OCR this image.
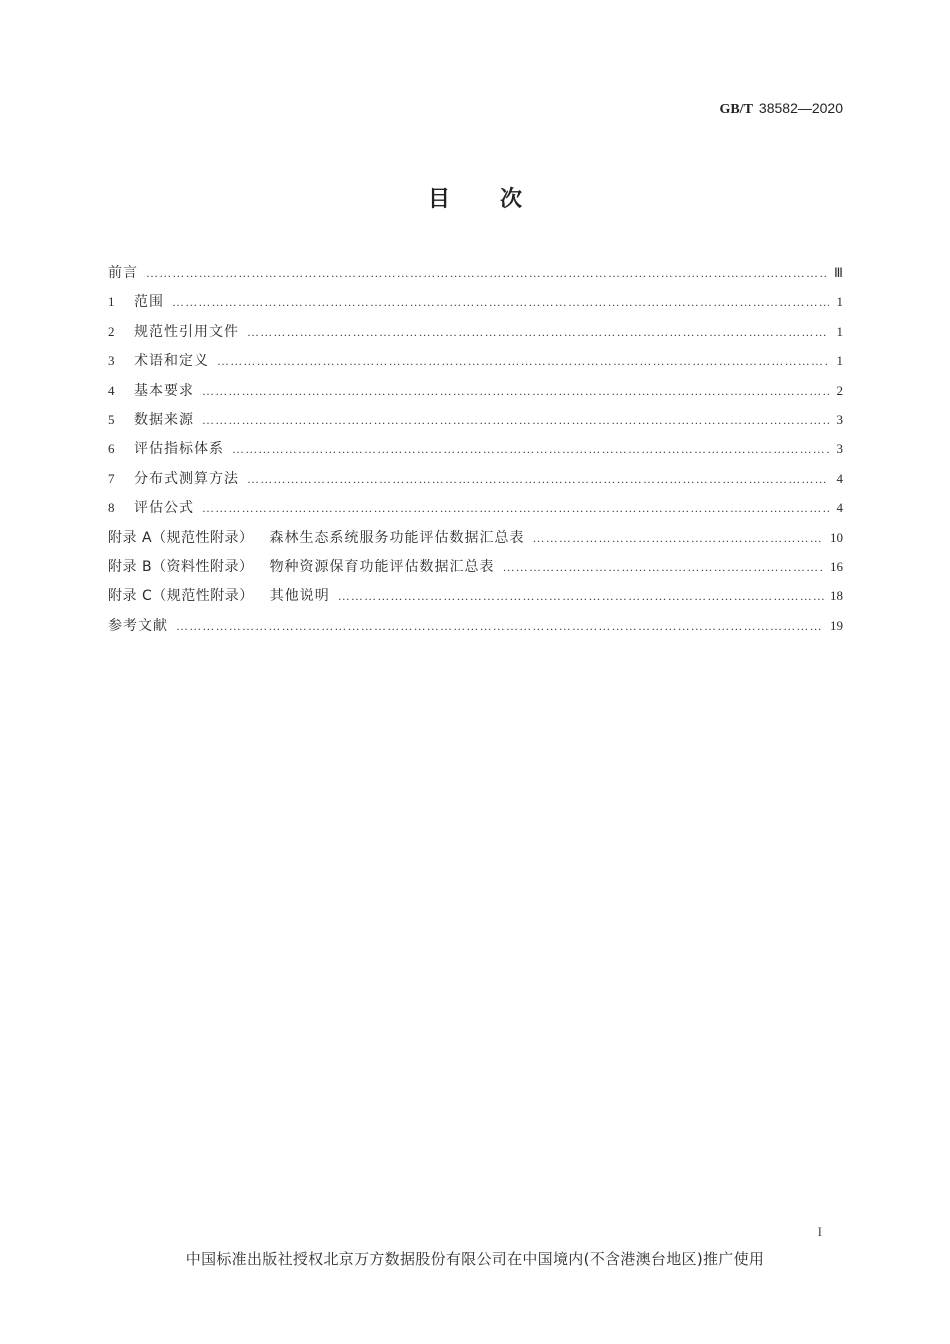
GB/T 38582—2020
目 次
前言 ………………………………………………………………………………………………………………………………………………………………………………	Ⅲ
1	范围 ………………………………………………………………………………………………………………………………………………………………………………	1
2	规范性引用文件 ………………………………………………………………………………………………………………………………………………………………………………	1
3	术语和定义 ………………………………………………………………………………………………………………………………………………………………………………	1
4	基本要求 ………………………………………………………………………………………………………………………………………………………………………………	2
5	数据来源 ………………………………………………………………………………………………………………………………………………………………………………	3
6	评估指标体系 ………………………………………………………………………………………………………………………………………………………………………………	3
7	分布式测算方法 ………………………………………………………………………………………………………………………………………………………………………………	4
8	评估公式 ………………………………………………………………………………………………………………………………………………………………………………	4
附录 A（规范性附录） 森林生态系统服务功能评估数据汇总表 ………………………………………………………………………………………………………………………………………………………………………………	10
附录 B（资料性附录） 物种资源保育功能评估数据汇总表 ………………………………………………………………………………………………………………………………………………………………………………	16
附录 C（规范性附录） 其他说明 ………………………………………………………………………………………………………………………………………………………………………………	18
参考文献 ………………………………………………………………………………………………………………………………………………………………………………	19
I
中国标准出版社授权北京万方数据股份有限公司在中国境内(不含港澳台地区)推广使用
